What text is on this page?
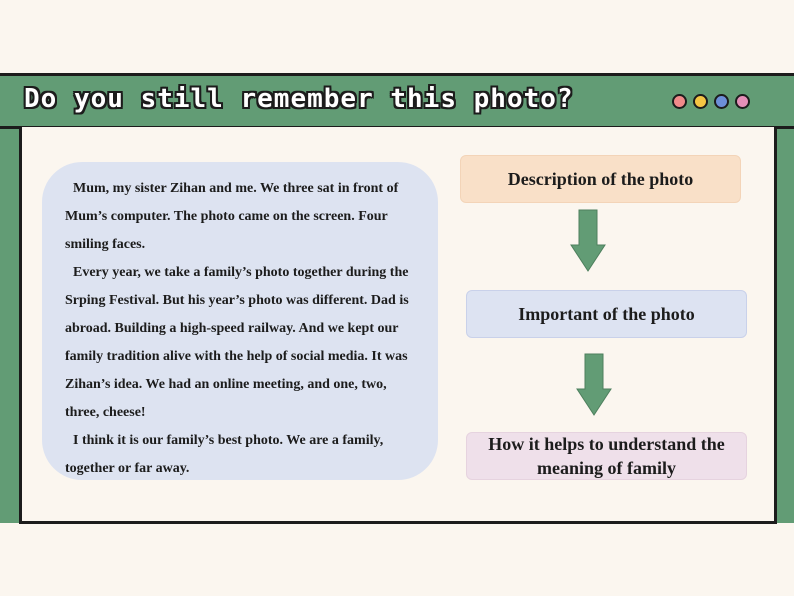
Do you still remember this photo?

Mum, my sister Zihan and me. We three sat in front of Mum’s computer. The photo came on the screen. Four smiling faces.

Every year, we take a family’s photo together during the Srping Festival. But his year’s photo was different. Dad is abroad. Building a high-speed railway. And we kept our family tradition alive with the help of social media. It was Zihan’s idea. We had an online meeting, and one, two, three, cheese!

I think it is our family’s best photo. We are a family, together or far away.

Description of the photo
Important of the photo
How it helps to understand the meaning of family
